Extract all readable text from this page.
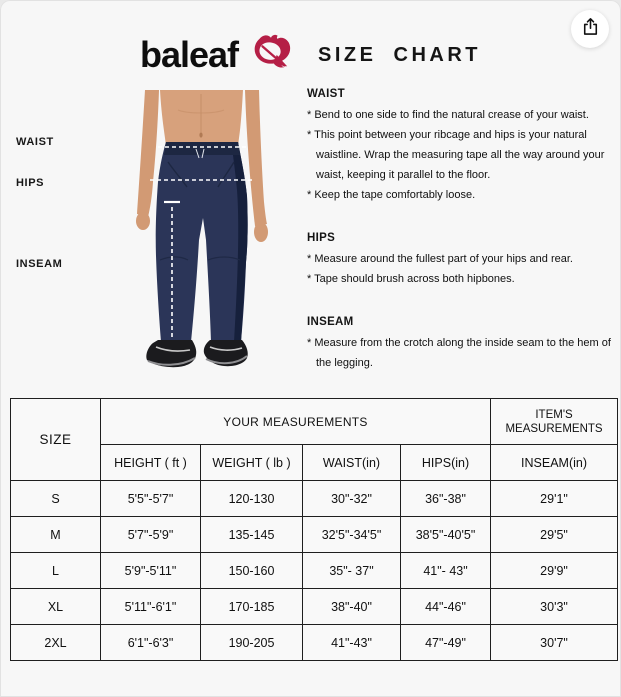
baleaf	SIZE CHART
WAIST
HIPS
INSEAM

WAIST

* Bend to one side to find the natural crease of your waist.

* This point between your ribcage and hips is your natural waistline. Wrap the measuring tape all the way around your waist, keeping it parallel to the floor.

* Keep the tape comfortably loose.

HIPS

* Measure around the fullest part of your hips and rear.

* Tape should brush across both hipbones.

INSEAM

* Measure from the crotch along the inside seam to the hem of the legging.

SIZE	YOUR MEASUREMENTS				ITEM'S MEASUREMENTS
	HEIGHT ( ft )	WEIGHT ( lb )	WAIST(in)	HIPS(in)	INSEAM(in)
S	5'5"-5'7"	120-130	30"-32"	36"-38"	29'1"
M	5'7"-5'9"	135-145	32'5"-34'5"	38'5"-40'5"	29'5"
L	5'9"-5'11"	150-160	35"- 37"	41"- 43"	29'9"
XL	5'11"-6'1"	170-185	38"-40"	44"-46"	30'3"
2XL	6'1"-6'3"	190-205	41"-43"	47"-49"	30'7"
